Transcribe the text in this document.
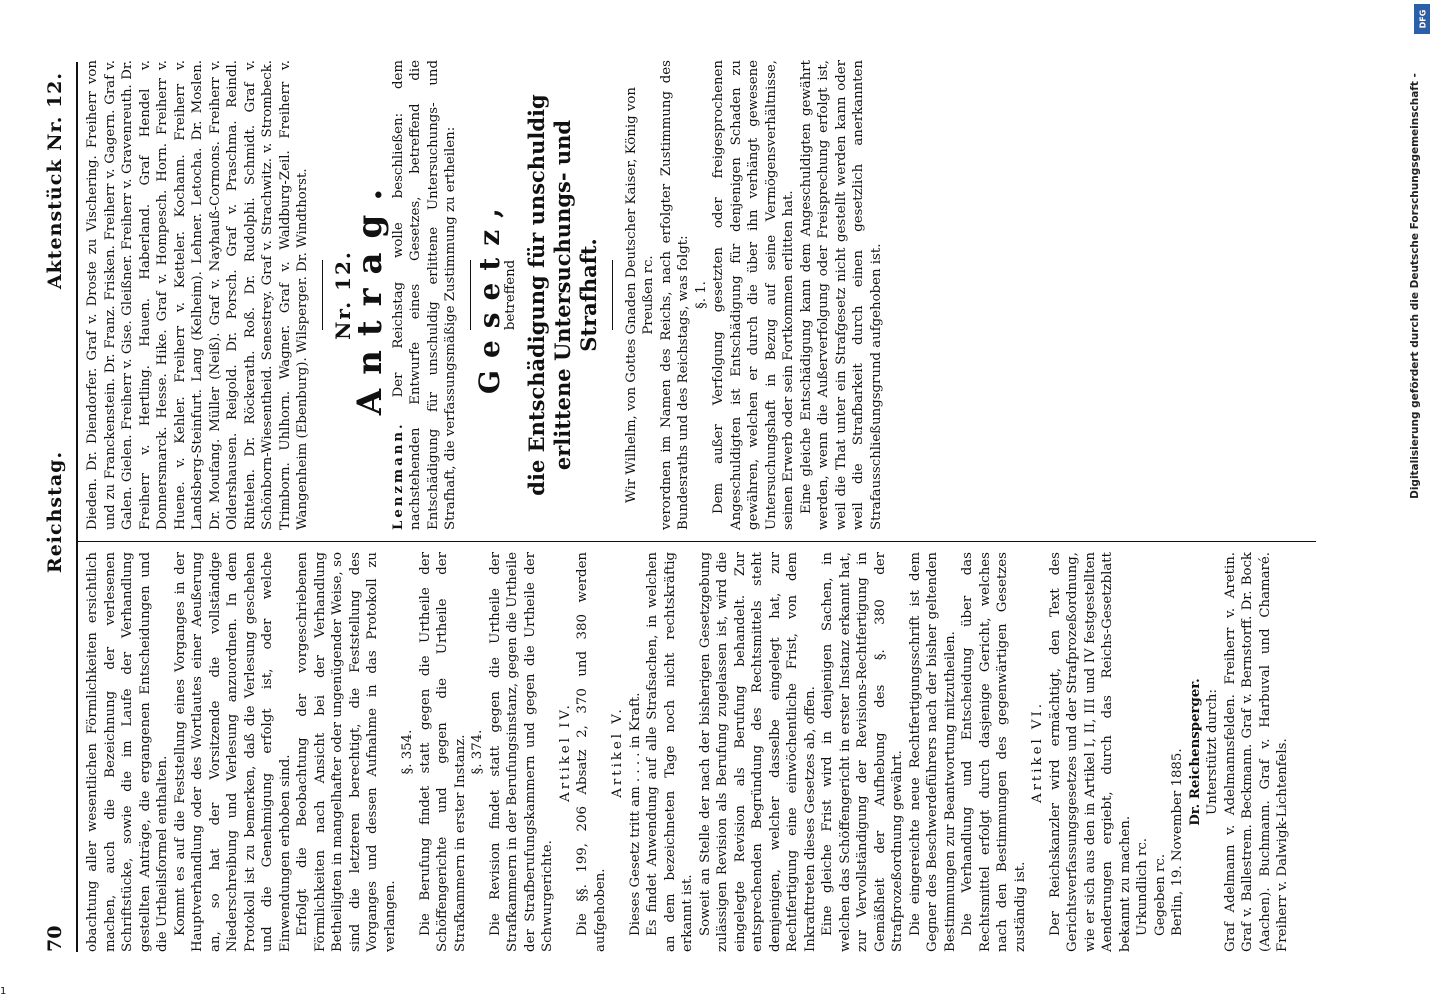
70
Reichstag.
Aktenstück Nr. 12.

obachtung aller wesentlichen Förmlichkeiten ersichtlich machen, auch die Bezeichnung der verlesenen Schriftstücke, sowie die im Laufe der Verhandlung gestellten Anträge, die ergangenen Entscheidungen und die Urtheilsformel enthalten. Kommt es auf die Feststellung eines Vorganges in der Hauptverhandlung oder des Wortlautes einer Aeußerung an, so hat der Vorsitzende die vollständige Niederschreibung und Verlesung anzuordnen. In dem Protokoll ist zu bemerken, daß die Verlesung geschehen und die Genehmigung erfolgt ist, oder welche Einwendungen erhoben sind. Erfolgt die Beobachtung der vorgeschriebenen Förmlichkeiten nach Ansicht bei der Verhandlung Betheiligten in mangelhafter oder ungenügender Weise, so sind die letzteren berechtigt, die Feststellung des Vorganges und dessen Aufnahme in das Protokoll zu verlangen.

§. 354. Die Berufung findet statt gegen die Urtheile der Schöffengerichte und gegen die Urtheile der Strafkammern in erster Instanz. §. 374. Die Revision findet statt gegen die Urtheile der Strafkammern in der Berufungsinstanz, gegen die Urtheile der Strafberufungskammern und gegen die Urtheile der Schwurgerichte.

Artikel IV. Die §§. 199, 206 Absatz 2, 370 und 380 werden aufgehoben.

Artikel V. Dieses Gesetz tritt am . . . . in Kraft. Es findet Anwendung auf alle Strafsachen, in welchen an dem bezeichneten Tage noch nicht rechtskräftig erkannt ist. Soweit an Stelle der nach der bisherigen Gesetzgebung zulässigen Revision als Berufung zugelassen ist, wird die eingelegte Revision als Berufung behandelt. Zur entsprechenden Begründung des Rechtsmittels steht demjenigen, welcher dasselbe eingelegt hat, zur Rechtfertigung eine einwöchentliche Frist, von dem Inkrafttreten dieses Gesetzes ab, offen. Eine gleiche Frist wird in denjenigen Sachen, in welchen das Schöffengericht in erster Instanz erkannt hat, zur Vervollständigung der Revisions-Rechtfertigung in Gemäßheit der Aufhebung des §. 380 der Strafprozeßordnung gewährt. Die eingereichte neue Rechtfertigungsschrift ist dem Gegner des Beschwerdeführers nach der bisher geltenden Bestimmungen zur Beantwortung mitzutheilen. Die Verhandlung und Entscheidung über das Rechtsmittel erfolgt durch dasjenige Gericht, welches nach den Bestimmungen des gegenwärtigen Gesetzes zuständig ist.

Artikel VI. Der Reichskanzler wird ermächtigt, den Text des Gerichtsverfassungsgesetzes und der Strafprozeßordnung, wie er sich aus den in Artikel I, II, III und IV festgestellten Aenderungen ergiebt, durch das Reichs-Gesetzblatt bekannt zu machen. Urkundlich rc. Gegeben rc. Berlin, 19. November 1885. Dr. Reichensperger. Unterstützt durch: Graf Adelmann v. Adelmannsfelden. Freiherr v. Aretin. Graf v. Ballestrem. Beckmann. Graf v. Bernstorff. Dr. Bock (Aachen). Buchmann. Graf v. Harbuval und Chamaré. Freiherr v. Dalwigk-Lichtenfels.

Dieden. Dr. Diendorfer. Graf v. Droste zu Vischering. Freiherr von und zu Franckenstein. Dr. Franz. Frisken. Freiherr v. Gagern. Graf v. Galen. Gielen. Freiherr v. Gise. Gleißner. Freiherr v. Gravenreuth. Dr. Freiherr v. Hertling. Hauen. Haberland. Graf Hendel v. Donnersmarck. Hesse. Hike. Graf v. Hompesch. Horn. Freiherr v. Huene. v. Kehler. Freiherr v. Ketteler. Kochann. Freiherr v. Landsberg-Steinfurt. Lang (Kelheim). Lehner. Letocha. Dr. Moslen. Dr. Moufang. Müller (Neiß). Graf v. Nayhauß-Cormons. Freiherr v. Oldershausen. Reigold. Dr. Porsch. Graf v. Praschma. Reindl. Rintelen. Dr. Röckerath. Roß. Dr. Rudolphi. Schmidt. Graf v. Schönborn-Wiesentheid. Senestrey. Graf v. Strachwitz. v. Strombeck. Trimborn. Uhlhorn. Wagner. Graf v. Waldburg-Zeil. Freiherr v. Wangenheim (Ebenburg). Wilsperger. Dr. Windthorst. Nr. 12.
Antrag.

Lenzmann. Der Reichstag wolle beschließen: dem nachstehenden Entwurfe eines Gesetzes, betreffend die Entschädigung für unschuldig erlittene Untersuchungs- und Strafhaft, die verfassungsmäßige Zustimmung zu ertheilen: Gesetz,

betreffend die Entschädigung für unschuldig erlittene Untersuchungs- und Strafhaft. Wir Wilhelm, von Gottes Gnaden Deutscher Kaiser, König von Preußen rc. verordnen im Namen des Reichs, nach erfolgter Zustimmung des Bundesraths und des Reichstags, was folgt: §. 1. Dem außer Verfolgung gesetzten oder freigesprochenen Angeschuldigten ist Entschädigung für denjenigen Schaden zu gewähren, welchen er durch die über ihn verhängt gewesene Untersuchungshaft in Bezug auf seine Vermögensverhältnisse, seinen Erwerb oder sein Fortkommen erlitten hat. Eine gleiche Entschädigung kann dem Angeschuldigten gewährt werden, wenn die Außerverfolgung oder Freisprechung erfolgt ist, weil die That unter ein Strafgesetz nicht gestellt werden kann oder weil die Strafbarkeit durch einen gesetzlich anerkannten Strafausschließungsgrund aufgehoben ist.	Digitalisierung gefördert durch die Deutsche Forschungsgemeinschaft -
DFG
1
